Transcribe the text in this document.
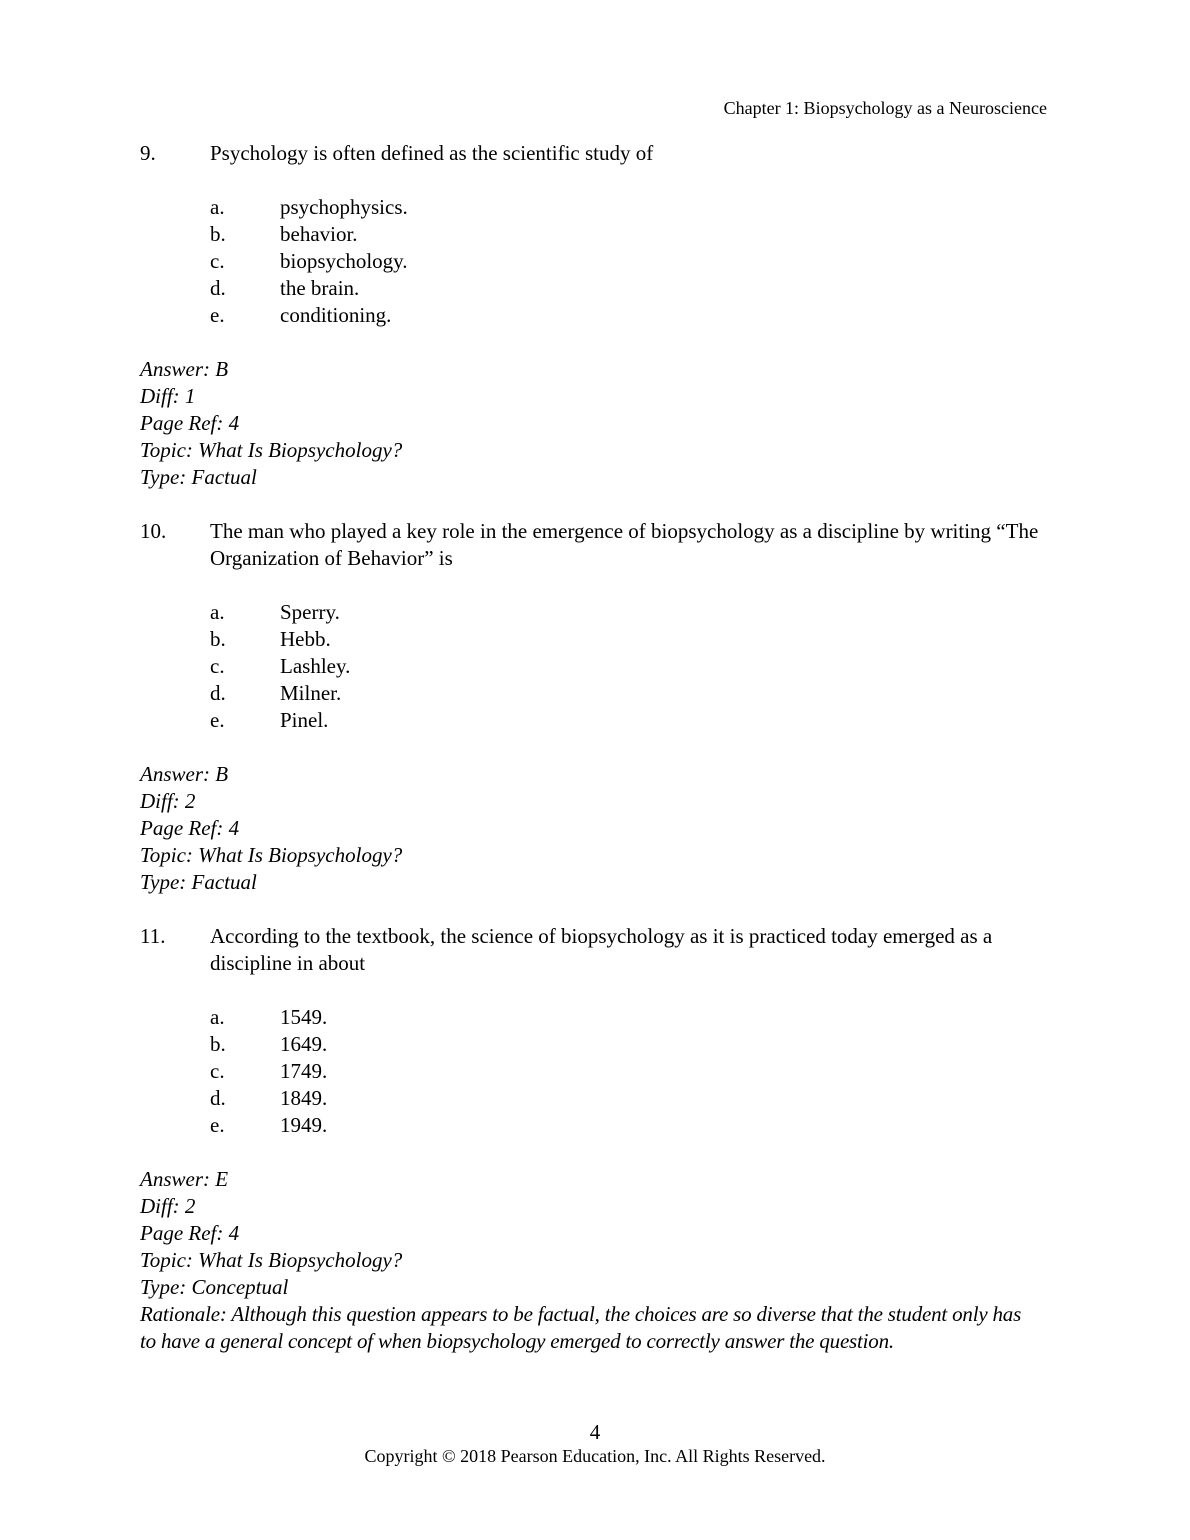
Chapter 1: Biopsychology as a Neuroscience
9.	Psychology is often defined as the scientific study of
a.	psychophysics.
b.	behavior.
c.	biopsychology.
d.	the brain.
e.	conditioning.
Answer: B
Diff: 1
Page Ref: 4
Topic: What Is Biopsychology?
Type: Factual
10.	The man who played a key role in the emergence of biopsychology as a discipline by writing “The Organization of Behavior” is
a.	Sperry.
b.	Hebb.
c.	Lashley.
d.	Milner.
e.	Pinel.
Answer: B
Diff: 2
Page Ref: 4
Topic: What Is Biopsychology?
Type: Factual
11.	According to the textbook, the science of biopsychology as it is practiced today emerged as a discipline in about
a.	1549.
b.	1649.
c.	1749.
d.	1849.
e.	1949.
Answer: E
Diff: 2
Page Ref: 4
Topic: What Is Biopsychology?
Type: Conceptual
Rationale: Although this question appears to be factual, the choices are so diverse that the student only has to have a general concept of when biopsychology emerged to correctly answer the question.
4
Copyright © 2018 Pearson Education, Inc. All Rights Reserved.
